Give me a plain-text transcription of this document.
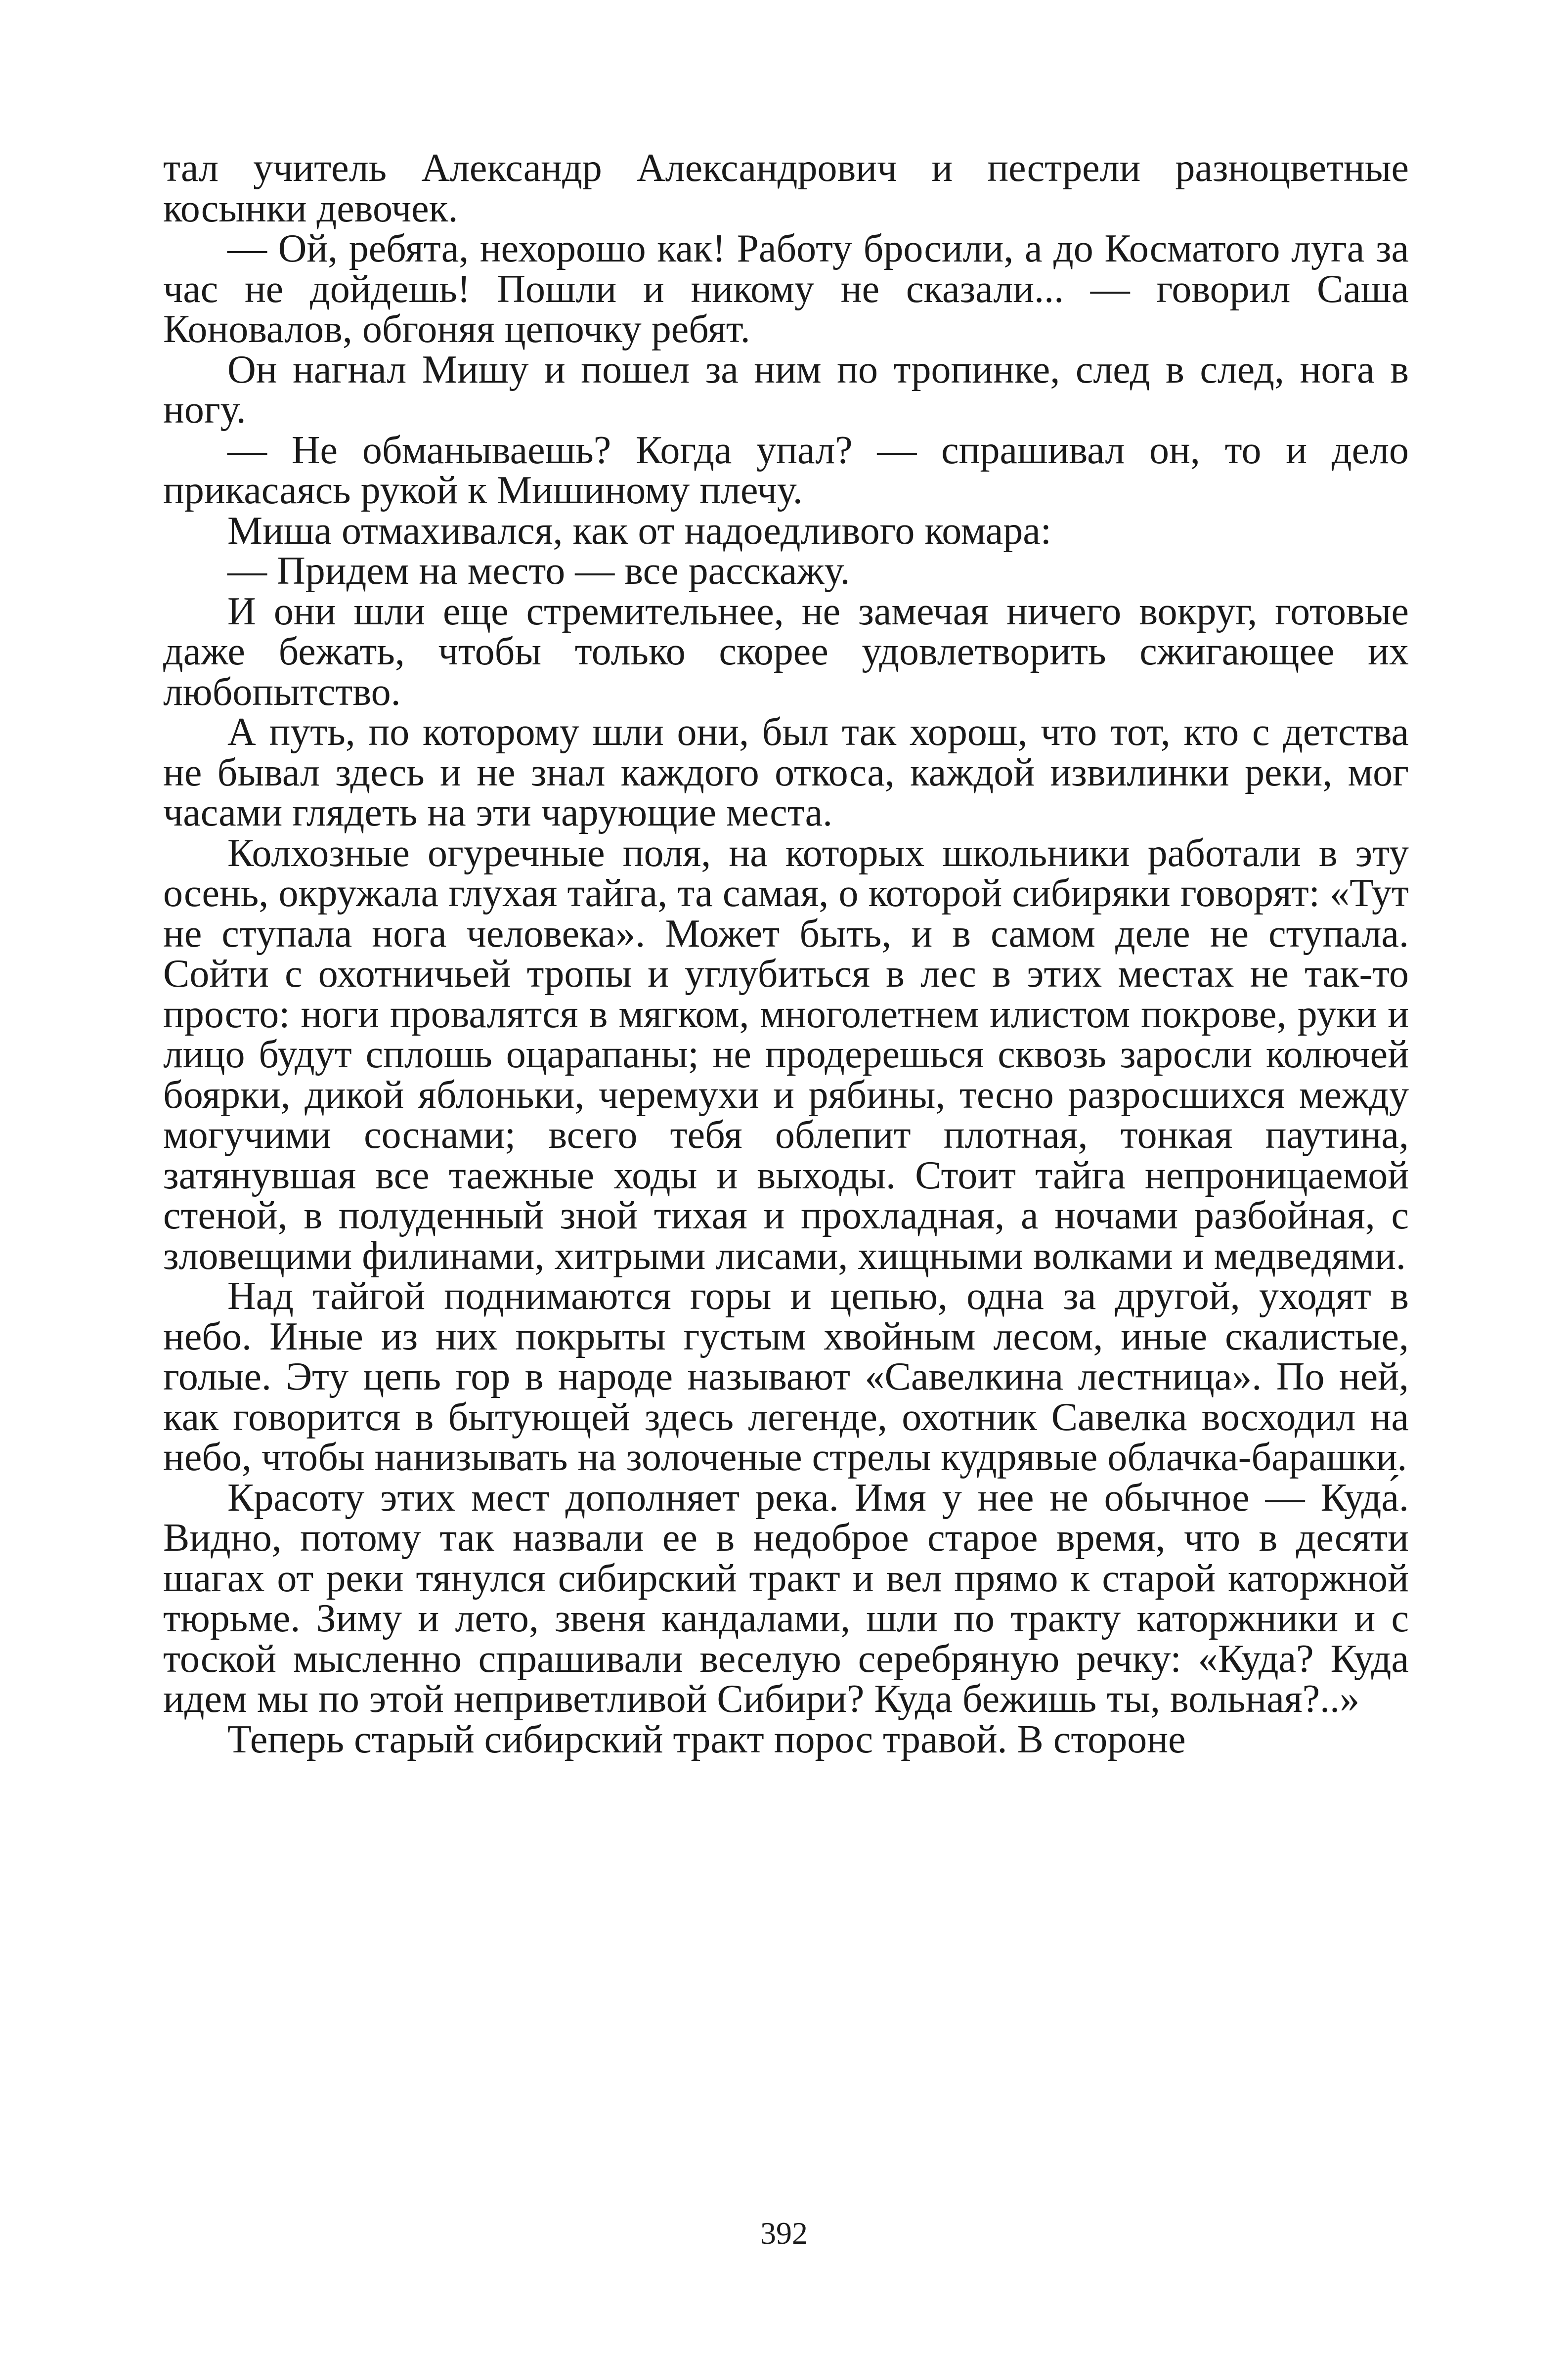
тал учитель Александр Александрович и пестрели разноцветные косынки девочек.

— Ой, ребята, нехорошо как! Работу бросили, а до Косматого луга за час не дойдешь! Пошли и никому не сказали... — говорил Саша Коновалов, обгоняя цепочку ребят.

Он нагнал Мишу и пошел за ним по тропинке, след в след, нога в ногу.

— Не обманываешь? Когда упал? — спрашивал он, то и дело прикасаясь рукой к Мишиному плечу.

Миша отмахивался, как от надоедливого комара:

— Придем на место — все расскажу.

И они шли еще стремительнее, не замечая ничего вокруг, готовые даже бежать, чтобы только скорее удовлетворить сжигающее их любопытство.

А путь, по которому шли они, был так хорош, что тот, кто с детства не бывал здесь и не знал каждого откоса, каждой извилинки реки, мог часами глядеть на эти чарующие места.

Колхозные огуречные поля, на которых школьники работали в эту осень, окружала глухая тайга, та самая, о которой сибиряки говорят: «Тут не ступала нога человека». Может быть, и в самом деле не ступала. Сойти с охотничьей тропы и углубиться в лес в этих местах не так-то просто: ноги провалятся в мягком, многолетнем илистом покрове, руки и лицо будут сплошь оцарапаны; не продерешься сквозь заросли колючей боярки, дикой яблоньки, черемухи и рябины, тесно разросшихся между могучими соснами; всего тебя облепит плотная, тонкая паутина, затянувшая все таежные ходы и выходы. Стоит тайга непроницаемой стеной, в полуденный зной тихая и прохладная, а ночами разбойная, с зловещими филинами, хитрыми лисами, хищными волками и медведями.

Над тайгой поднимаются горы и цепью, одна за другой, уходят в небо. Иные из них покрыты густым хвойным лесом, иные скалистые, голые. Эту цепь гор в народе называют «Савелкина лестница». По ней, как говорится в бытующей здесь легенде, охотник Савелка восходил на небо, чтобы нанизывать на золоченые стрелы кудрявые облачка-барашки.

Красоту этих мест дополняет река. Имя у нее не обычное — Куда́. Видно, потому так назвали ее в недоброе старое время, что в десяти шагах от реки тянулся сибирский тракт и вел прямо к старой каторжной тюрьме. Зиму и лето, звеня кандалами, шли по тракту каторжники и с тоской мысленно спрашивали веселую серебряную речку: «Куда? Куда идем мы по этой неприветливой Сибири? Куда бежишь ты, вольная?..»

Теперь старый сибирский тракт порос травой. В стороне

392
